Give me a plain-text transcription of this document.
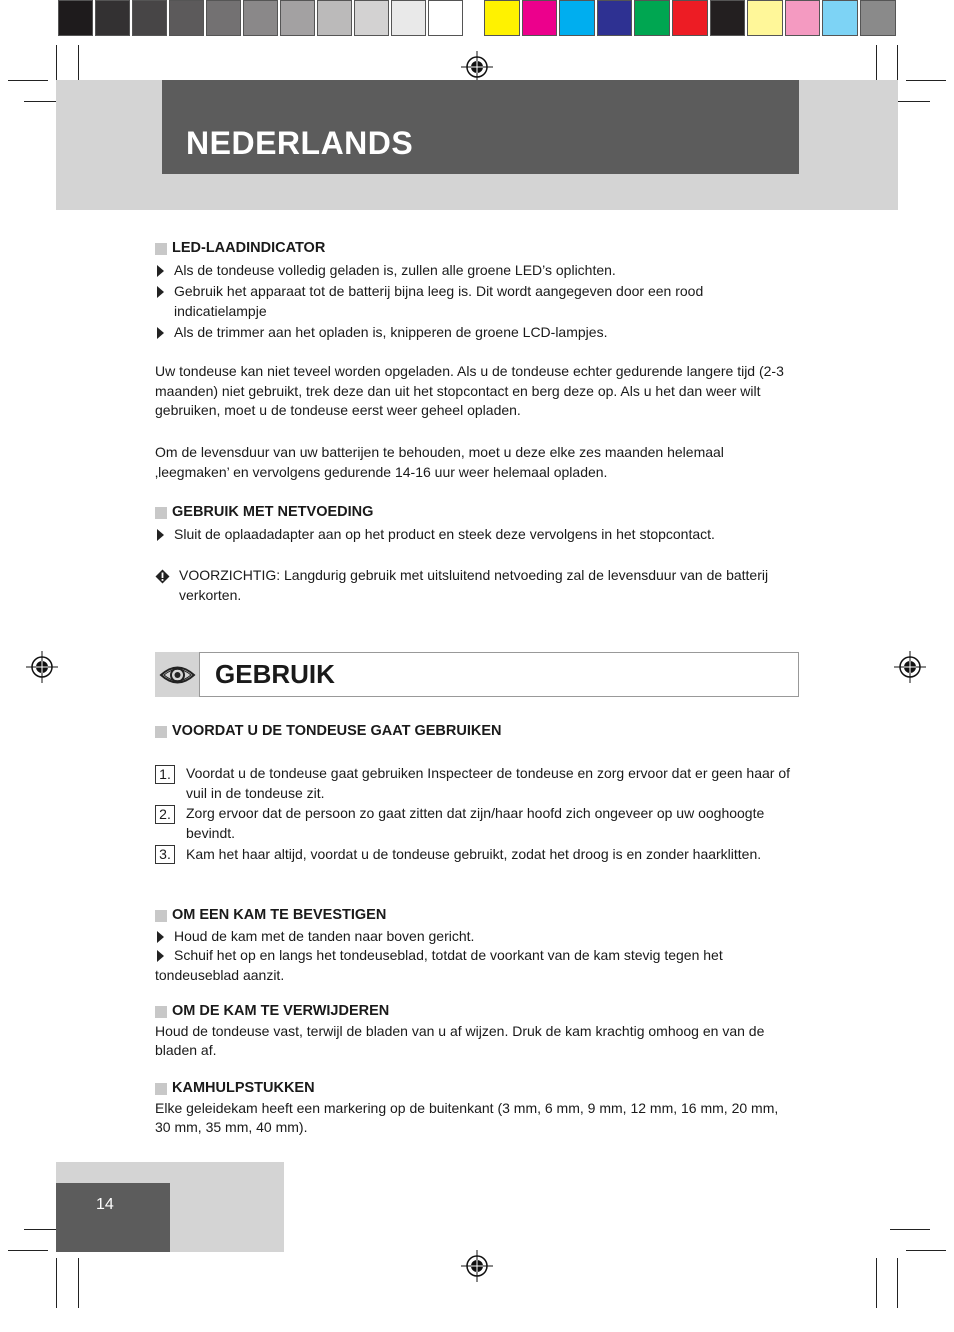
NEDERLANDS
LED-LAADINDICATOR
Als de tondeuse volledig geladen is, zullen alle groene LED’s oplichten.
Gebruik het apparaat tot de batterij bijna leeg is. Dit wordt aangegeven door een rood indicatielampje
Als de trimmer aan het opladen is, knipperen de groene LCD-lampjes.
Uw tondeuse kan niet teveel worden opgeladen. Als u de tondeuse echter gedurende langere tijd (2-3 maanden) niet gebruikt, trek deze dan uit het stopcontact en berg deze op. Als u het dan weer wilt gebruiken, moet u de tondeuse eerst weer geheel opladen.
Om de levensduur van uw batterijen te behouden, moet u deze elke zes maanden helemaal ‚leegmaken’ en vervolgens gedurende 14-16 uur weer helemaal opladen.
GEBRUIK MET NETVOEDING
Sluit de oplaadadapter aan op het product en steek deze vervolgens in het stopcontact.
VOORZICHTIG: Langdurig gebruik met uitsluitend netvoeding zal de levensduur van de batterij verkorten.
GEBRUIK
VOORDAT U DE TONDEUSE GAAT GEBRUIKEN
1. Voordat u de tondeuse gaat gebruiken Inspecteer de tondeuse en zorg ervoor dat er geen haar of vuil in de tondeuse zit.
2. Zorg ervoor dat de persoon zo gaat zitten dat zijn/haar hoofd zich ongeveer op uw ooghoogte bevindt.
3. Kam het haar altijd, voordat u de tondeuse gebruikt, zodat het droog is en zonder haarklitten.
OM EEN KAM TE BEVESTIGEN
Houd de kam met de tanden naar boven gericht.
Schuif het op en langs het tondeuseblad, totdat de voorkant van de kam stevig tegen het
tondeuseblad aanzit.
OM DE KAM TE VERWIJDEREN
Houd de tondeuse vast, terwijl de bladen van u af wijzen. Druk de kam krachtig omhoog en van de bladen af.
KAMHULPSTUKKEN
Elke geleidekam heeft een markering op de buitenkant (3 mm, 6 mm, 9 mm, 12 mm, 16 mm, 20 mm, 30 mm, 35 mm, 40 mm).
14
